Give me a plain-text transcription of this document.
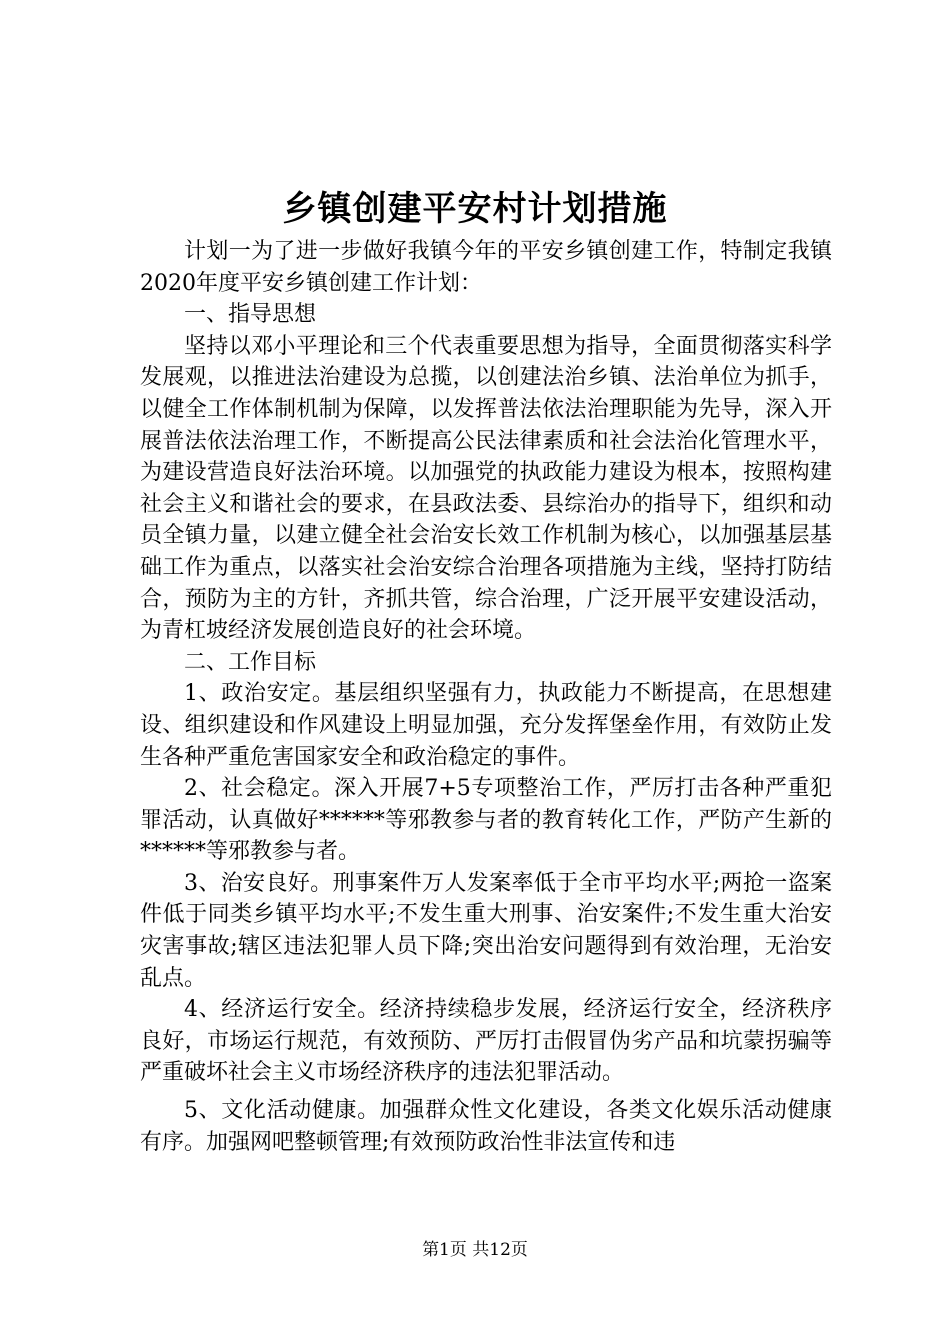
乡镇创建平安村计划措施

计划一为了进一步做好我镇今年的平安乡镇创建工作，特制定我镇2020年度平安乡镇创建工作计划：

一、指导思想

坚持以邓小平理论和三个代表重要思想为指导，全面贯彻落实科学发展观，以推进法治建设为总揽，以创建法治乡镇、法治单位为抓手，以健全工作体制机制为保障，以发挥普法依法治理职能为先导，深入开展普法依法治理工作，不断提高公民法律素质和社会法治化管理水平，为建设营造良好法治环境。以加强党的执政能力建设为根本，按照构建社会主义和谐社会的要求，在县政法委、县综治办的指导下，组织和动员全镇力量，以建立健全社会治安长效工作机制为核心，以加强基层基础工作为重点，以落实社会治安综合治理各项措施为主线，坚持打防结合，预防为主的方针，齐抓共管，综合治理，广泛开展平安建设活动，为青杠坡经济发展创造良好的社会环境。

二、工作目标

1、政治安定。基层组织坚强有力，执政能力不断提高，在思想建设、组织建设和作风建设上明显加强，充分发挥堡垒作用，有效防止发生各种严重危害国家安全和政治稳定的事件。

2、社会稳定。深入开展7+5专项整治工作，严厉打击各种严重犯罪活动，认真做好******等邪教参与者的教育转化工作，严防产生新的******等邪教参与者。

3、治安良好。刑事案件万人发案率低于全市平均水平;两抢一盗案件低于同类乡镇平均水平;不发生重大刑事、治安案件;不发生重大治安灾害事故;辖区违法犯罪人员下降;突出治安问题得到有效治理，无治安乱点。

4、经济运行安全。经济持续稳步发展，经济运行安全，经济秩序良好，市场运行规范，有效预防、严厉打击假冒伪劣产品和坑蒙拐骗等严重破坏社会主义市场经济秩序的违法犯罪活动。

5、文化活动健康。加强群众性文化建设，各类文化娱乐活动健康有序。加强网吧整顿管理;有效预防政治性非法宣传和违

第1页 共12页
